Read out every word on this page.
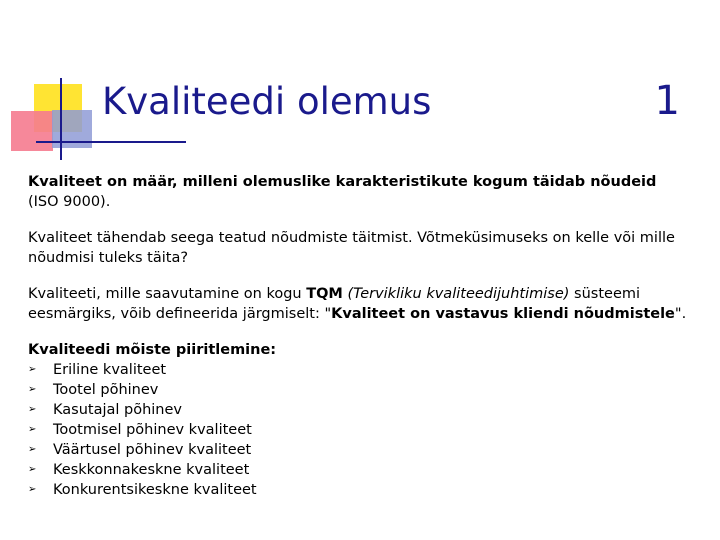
Kvaliteedi olemus	1

Kvaliteet on määr, milleni olemuslike karakteristikute kogum täidab nõudeid
(ISO 9000).

Kvaliteet tähendab seega teatud nõudmiste täitmist. Võtmeküsimuseks on kelle või mille nõudmisi tuleks täita?

Kvaliteeti, mille saavutamine on kogu TQM (Tervikliku kvaliteedijuhtimise) süsteemi eesmärgiks, võib defineerida järgmiselt: "Kvaliteet on vastavus kliendi nõudmistele".

Kvaliteedi mõiste piiritlemine:
➢ Eriline kvaliteet
➢ Tootel põhinev
➢ Kasutajal põhinev
➢ Tootmisel põhinev kvaliteet
➢ Väärtusel põhinev kvaliteet
➢ Keskkonnakeskne kvaliteet
➢ Konkurentsikeskne kvaliteet
